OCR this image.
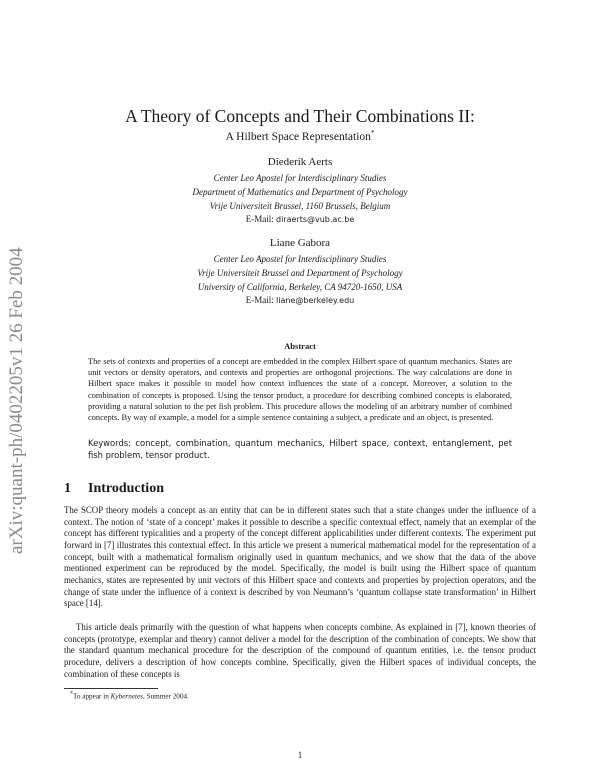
arXiv:quant-ph/0402205v1 26 Feb 2004
A Theory of Concepts and Their Combinations II:
A Hilbert Space Representation*
Diederik Aerts
Center Leo Apostel for Interdisciplinary Studies
Department of Mathematics and Department of Psychology
Vrije Universiteit Brussel, 1160 Brussels, Belgium
E-Mail: diraerts@vub.ac.be
Liane Gabora
Center Leo Apostel for Interdisciplinary Studies
Vrije Universiteit Brussel and Department of Psychology
University of California, Berkeley, CA 94720-1650, USA
E-Mail: liane@berkeley.edu
Abstract

The sets of contexts and properties of a concept are embedded in the complex Hilbert space of quantum mechanics. States are unit vectors or density operators, and contexts and properties are orthogonal projections. The way calculations are done in Hilbert space makes it possible to model how context influences the state of a concept. Moreover, a solution to the combination of concepts is proposed. Using the tensor product, a procedure for describing combined concepts is elaborated, providing a natural solution to the pet fish problem. This procedure allows the modeling of an arbitrary number of combined concepts. By way of example, a model for a simple sentence containing a subject, a predicate and an object, is presented.

Keywords: concept, combination, quantum mechanics, Hilbert space, context, entanglement, pet fish problem, tensor product.

1 Introduction

The SCOP theory models a concept as an entity that can be in different states such that a state changes under the influence of a context. The notion of ‘state of a concept’ makes it possible to describe a specific contextual effect, namely that an exemplar of the concept has different typicalities and a property of the concept different applicabilities under different contexts. The experiment put forward in [7] illustrates this contextual effect. In this article we present a numerical mathematical model for the representation of a concept, built with a mathematical formalism originally used in quantum mechanics, and we show that the data of the above mentioned experiment can be reproduced by the model. Specifically, the model is built using the Hilbert space of quantum mechanics, states are represented by unit vectors of this Hilbert space and contexts and properties by projection operators, and the change of state under the influence of a context is described by von Neumann’s ‘quantum collapse state transformation’ in Hilbert space [14].

This article deals primarily with the question of what happens when concepts combine. As explained in [7], known theories of concepts (prototype, exemplar and theory) cannot deliver a model for the description of the combination of concepts. We show that the standard quantum mechanical procedure for the description of the compound of quantum entities, i.e. the tensor product procedure, delivers a description of how concepts combine. Specifically, given the Hilbert spaces of individual concepts, the combination of these concepts is

*To appear in Kybernetes, Summer 2004.
1
